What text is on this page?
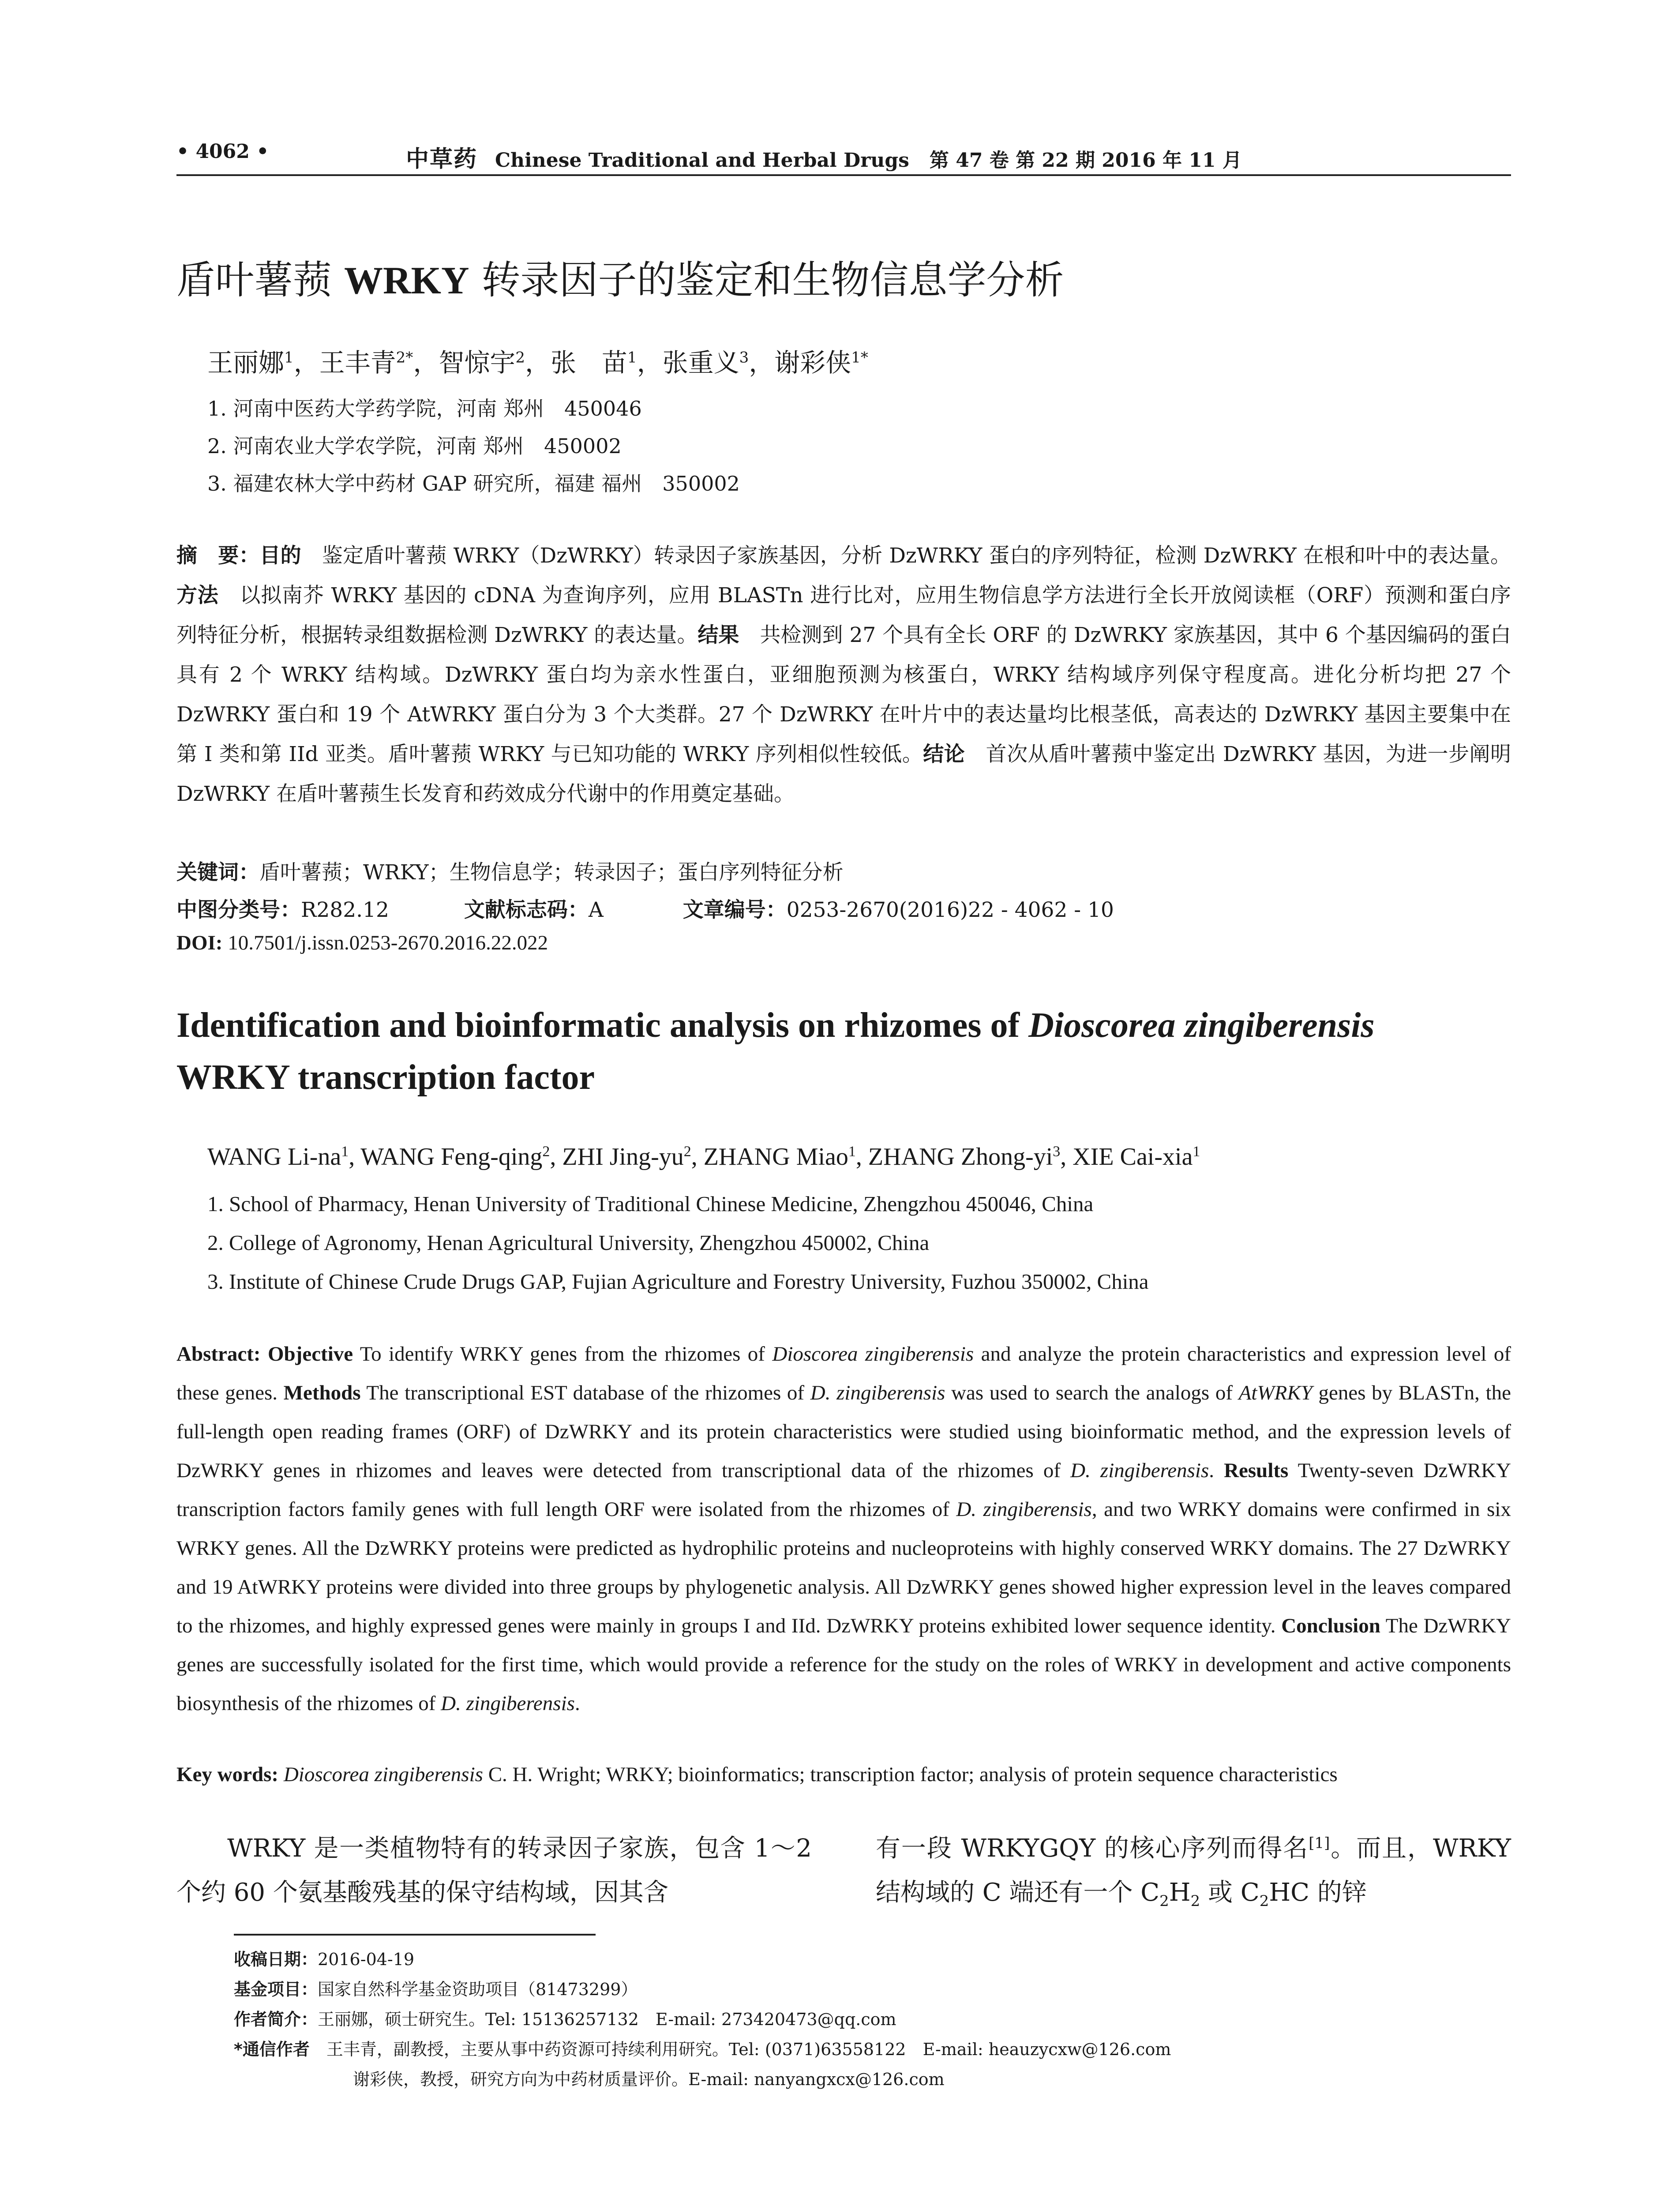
• 4062 •	中草药 Chinese Traditional and Herbal Drugs 第 47 卷 第 22 期 2016 年 11 月
盾叶薯蓣 WRKY 转录因子的鉴定和生物信息学分析
王丽娜$^1$，王丰青$^{2*}$，智惊宇$^2$，张　苗$^1$，张重义$^3$，谢彩侠$^{1*}$
1. 河南中医药大学药学院，河南 郑州　450046
2. 河南农业大学农学院，河南 郑州　450002
3. 福建农林大学中药材 GAP 研究所，福建 福州　350002
摘　要：目的　鉴定盾叶薯蓣 WRKY（DzWRKY）转录因子家族基因，分析 DzWRKY 蛋白的序列特征，检测 DzWRKY 在根和叶中的表达量。方法　以拟南芥 WRKY 基因的 cDNA 为查询序列，应用 BLASTn 进行比对，应用生物信息学方法进行全长开放阅读框（ORF）预测和蛋白序列特征分析，根据转录组数据检测 DzWRKY 的表达量。结果　共检测到 27 个具有全长 ORF 的 DzWRKY 家族基因，其中 6 个基因编码的蛋白具有 2 个 WRKY 结构域。DzWRKY 蛋白均为亲水性蛋白，亚细胞预测为核蛋白，WRKY 结构域序列保守程度高。进化分析均把 27 个 DzWRKY 蛋白和 19 个 AtWRKY 蛋白分为 3 个大类群。27 个 DzWRKY 在叶片中的表达量均比根茎低，高表达的 DzWRKY 基因主要集中在第 I 类和第 IId 亚类。盾叶薯蓣 WRKY 与已知功能的 WRKY 序列相似性较低。结论　首次从盾叶薯蓣中鉴定出 DzWRKY 基因，为进一步阐明 DzWRKY 在盾叶薯蓣生长发育和药效成分代谢中的作用奠定基础。
关键词：盾叶薯蓣；WRKY；生物信息学；转录因子；蛋白序列特征分析
中图分类号：R282.12	文献标志码：A	文章编号：0253-2670(2016)22 - 4062 - 10
DOI: 10.7501/j.issn.0253-2670.2016.22.022
Identification and bioinformatic analysis on rhizomes of Dioscorea zingiberensis
WRKY transcription factor
WANG $Li-na^1$, WANG Feng-qing$^2$, ZHI Jing-$yu^2$, ZHANG Miao$^1$, ZHANG Zhong-$yi^3$, XIE Cai-xia$^1$
1. School of Pharmacy, Henan University of Traditional Chinese Medicine, Zhengzhou 450046, China
2. College of Agronomy, Henan Agricultural University, Zhengzhou 450002, China
3. Institute of Chinese Crude Drugs GAP, Fujian Agriculture and Forestry University, Fuzhou 350002, China
Abstract: Objective To identify WRKY genes from the rhizomes of Dioscorea zingiberensis and analyze the protein characteristics and expression level of these genes. Methods The transcriptional EST database of the rhizomes of D. zingiberensis was used to search the analogs of AtWRKY genes by BLASTn, the full-length open reading frames (ORF) of DzWRKY and its protein characteristics were studied using bioinformatic method, and the expression levels of DzWRKY genes in rhizomes and leaves were detected from transcriptional data of the rhizomes of D. zingiberensis. Results Twenty-seven DzWRKY transcription factors family genes with full length ORF were isolated from the rhizomes of D. zingiberensis, and two WRKY domains were confirmed in six WRKY genes. All the DzWRKY proteins were predicted as hydrophilic proteins and nucleoproteins with highly conserved WRKY domains. The 27 DzWRKY and 19 AtWRKY proteins were divided into three groups by phylogenetic analysis. All DzWRKY genes showed higher expression level in the leaves compared to the rhizomes, and highly expressed genes were mainly in groups I and IId. DzWRKY proteins exhibited lower sequence identity. Conclusion The DzWRKY genes are successfully isolated for the first time, which would provide a reference for the study on the roles of WRKY in development and active components biosynthesis of the rhizomes of D. zingiberensis.
Key words: Dioscorea zingiberensis C. H. Wright; WRKY; bioinformatics; transcription factor; analysis of protein sequence characteristics
　　WRKY 是一类植物特有的转录因子家族，包含 1～2 个约 60 个氨基酸残基的保守结构域，因其含
有一段 WRKYGQY 的核心序列而得名[1]。而且，WRKY 结构域的 C 端还有一个 $C_2H_2$ 或 $C_2HC$ 的锌
收稿日期：2016-04-19
基金项目：国家自然科学基金资助项目（81473299）
作者简介：王丽娜，硕士研究生。Tel: 15136257132　E-mail: 273420473@qq.com
*通信作者　王丰青，副教授，主要从事中药资源可持续利用研究。Tel: (0371)63558122　E-mail: heauzycxw@126.com
谢彩侠，教授，研究方向为中药材质量评价。E-mail: nanyangxcx@126.com
